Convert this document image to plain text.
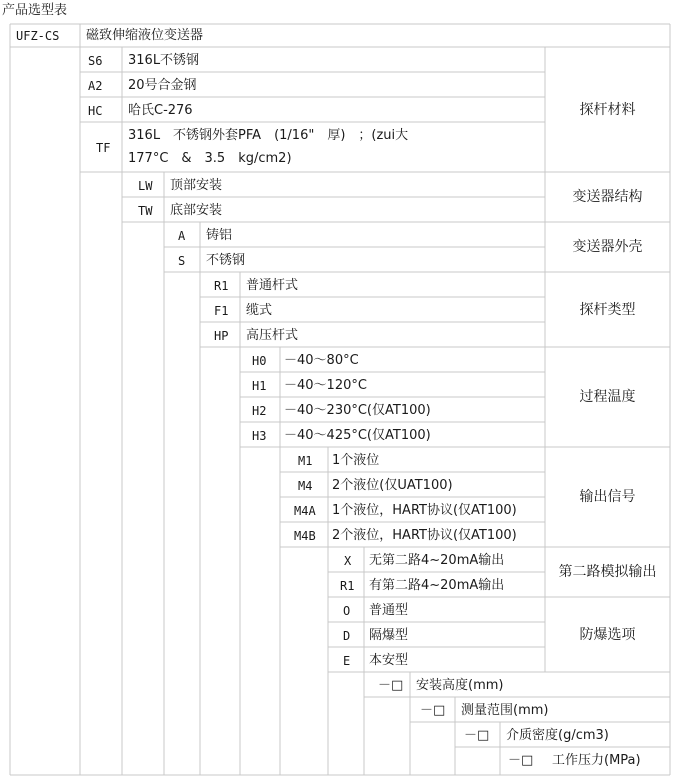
产品选型表
UFZ-CS 磁致伸缩液位变送器
S6 316L不锈钢
A2 20号合金钢
HC 哈氏C-276
TF
316L　不锈钢外套PFA　(1/16"　厚)　；(zui大
177°C　&　3.5　kg/cm2)
探杆材料
LW 顶部安装
TW 底部安装
变送器结构
A 铸铝
S 不锈钢
变送器外壳
R1 普通杆式
F1 缆式
HP 高压杆式
探杆类型
H0 －40～80°C
H1 －40～120°C
H2 －40～230°C(仅AT100)
H3 －40～425°C(仅AT100)
过程温度
M1 1个液位
M4 2个液位(仅UAT100)
M4A 1个液位，HART协议(仅AT100)
M4B 2个液位，HART协议(仅AT100)
输出信号
X 无第二路4~20mA输出
R1 有第二路4~20mA输出
第二路模拟输出
O 普通型
D 隔爆型
E 本安型
防爆选项
－□ 安装高度(mm)
－□ 测量范围(mm)
－□ 介质密度(g/cm3)
－□ 工作压力(MPa)
